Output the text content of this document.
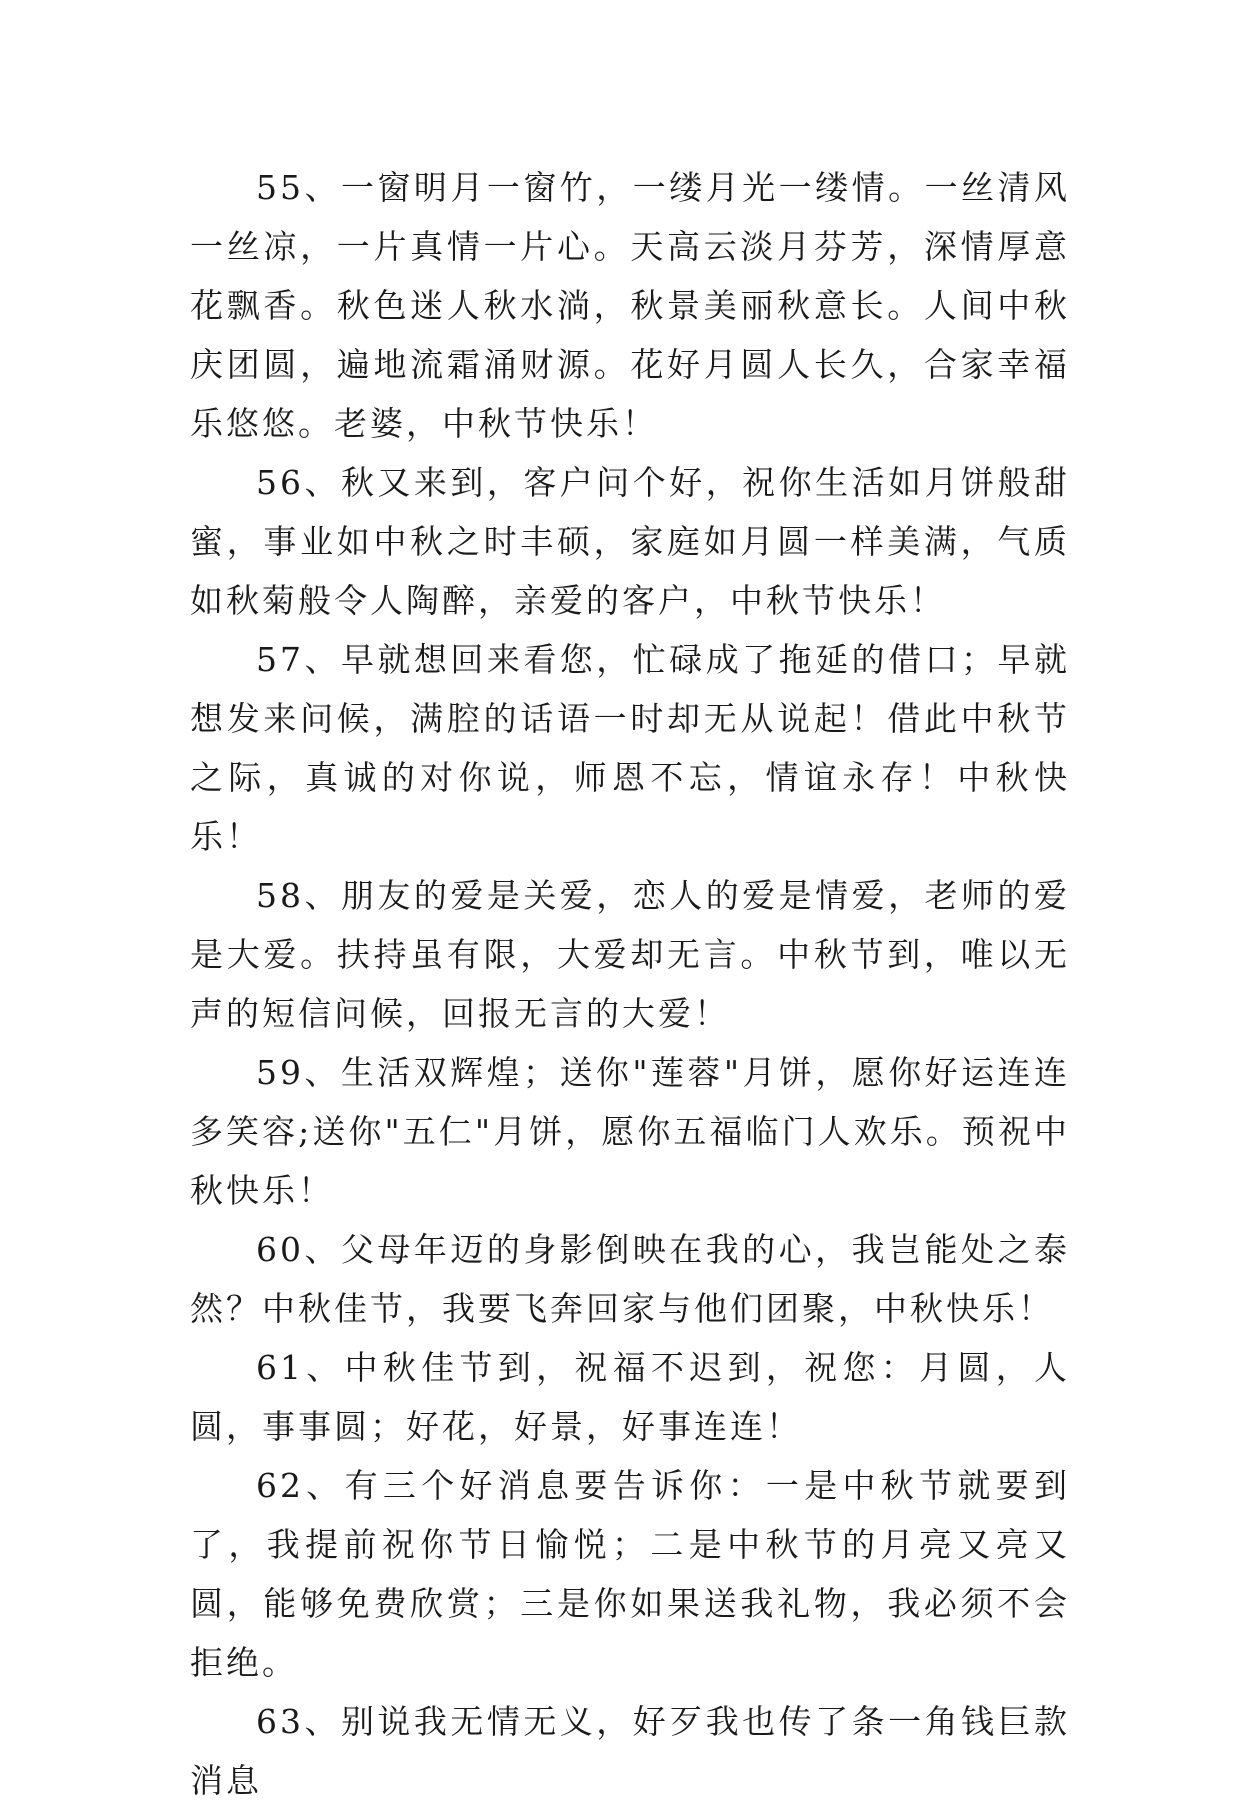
55、一窗明月一窗竹，一缕月光一缕情。一丝清风一丝凉，一片真情一片心。天高云淡月芬芳，深情厚意花飘香。秋色迷人秋水淌，秋景美丽秋意长。人间中秋庆团圆，遍地流霜涌财源。花好月圆人长久，合家幸福乐悠悠。老婆，中秋节快乐！

56、秋又来到，客户问个好，祝你生活如月饼般甜蜜，事业如中秋之时丰硕，家庭如月圆一样美满，气质如秋菊般令人陶醉，亲爱的客户，中秋节快乐！

57、早就想回来看您，忙碌成了拖延的借口；早就想发来问候，满腔的话语一时却无从说起！借此中秋节之际，真诚的对你说，师恩不忘，情谊永存！中秋快乐！

58、朋友的爱是关爱，恋人的爱是情爱，老师的爱是大爱。扶持虽有限，大爱却无言。中秋节到，唯以无声的短信问候，回报无言的大爱！

59、生活双辉煌；送你"莲蓉"月饼，愿你好运连连多笑容;送你"五仁"月饼，愿你五福临门人欢乐。预祝中秋快乐！

60、父母年迈的身影倒映在我的心，我岂能处之泰然？中秋佳节，我要飞奔回家与他们团聚，中秋快乐！

61、中秋佳节到，祝福不迟到，祝您：月圆，人圆，事事圆；好花，好景，好事连连！

62、有三个好消息要告诉你：一是中秋节就要到了，我提前祝你节日愉悦；二是中秋节的月亮又亮又圆，能够免费欣赏；三是你如果送我礼物，我必须不会拒绝。

63、别说我无情无义，好歹我也传了条一角钱巨款消息
